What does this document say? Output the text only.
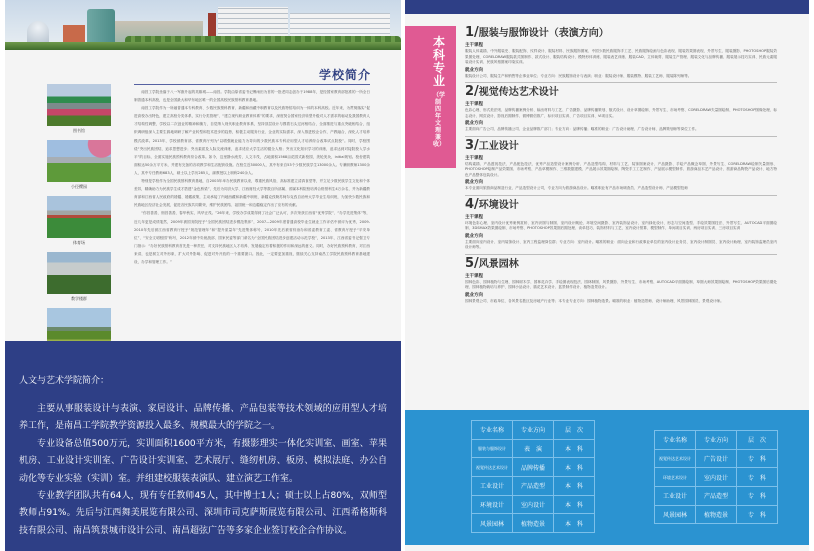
学校简介
图书馆
小径樱园
体育场
教学楼群

南昌工学院坐落于八一军旗升起的英雄城——南昌。学院由原省委书记傅雨田为首的一批老同志创办于1988年，是经国家教育部批准的一所全日制普通本科高校，也是全国最大和华东地区唯一的全国高校民族预科教育基地。

南昌工学院作为一所融普通本专科教育、少数民族预科教育、新疆和西藏中职教育以及民族特招培训为一体的本科高校。近年来，为贯彻落实“促进高校办出特色，建立高校分类体系，实行分类管理”、“建立现代职业教育体系”的要求，深度契合国家经济转型升级对人才需求的驱动及我国教育人才结构性调整，学校以二次创业的精神和魄力，自觉纳入现代职业教育体系，坚持顶层设计与摸着石头过河相结合，全面推进与重点突破相结合，组织调研组深入主要生源地调研了解产业转型和技术进步的趋势，积极主动服务行业、企业的实际需求，深入推进校企合作，产教融合，深化人才培养模式改革。2013年，学校被教育部、省教育厅列为“以增强就业能力为导向的少数民族本专科应用型人才培养综合改革试点院校”。同时，学校围绕“突出民族团结，追求思想进步；突出素质及人际交流训练，追求适应大学生活的健全人格；突出文化知识学习的训练，追求达到对接院校入学水平”的目标，全面实施民族预科教育综合改革。如今，这里静水流芳，人文丰茂，占地面积1568亩花园式新校园，美轮美奂，initial规划。校舍建筑面积达50余万平方米，并建有完备的各项教学和生活配套设施。在校生近30000人，其中有来自53个少数民族学生13000余人。专兼职教师1300余人，其中专任教师683人，硕士以上学历285人，副教授以上职称240余人。

特别是学校作为全国民族预科教育基地，自2003年举办民族教育以来，尊重民族风俗，高标准建立清真食堂等，并立足少数民族学生文化和个体差异，精确助力为民族学生成才搭建“金色桥梁”，先后为同济大学、江西财经大学等数百所部属、省属本科院校培养合格预科生4万余名，并为新疆教育部和江西省人民政府的援疆、援藏政策，主动承接了内地西藏和新疆中职班、新疆克孜勒苏柯尔克孜自治州大学毕业生培训班，为加快少数民族和民族地区经济社会发展，促进各民族共同繁荣，维护民族团结、祖国统一和边疆稳定作出了应有的贡献。

“你昌善善，细昌善善，春华秋实，风华正茂。”26年来，学校办学成果得到了社会广泛认可，多次荣获江西省“优秀学院”、“办学先进集体”等，近几年更是成绩斐然，2009年被国务院授予“全国民族团结进步模范集体”，2007—2009年度普通高校毕业生就业工作评估中被评为优秀，2009-2010年先后被江西省教育厅授予“规范管理年”和“提升质量年”先进集体称号，2010年先后被省综治办和省委教育工委、省教育厅授予“平安单位”、“安全文明校园”称号，2012年被中央统战部、国家民委等部门命名为“全国民族团结进步创建活动示范学校”，2013年，江西省委书记强卫专门指示：“办好民族预科教育首先是一种责任，对支持民族地区人才培养、发展稳定有着积极的作用和深远的意义。同时，办好民族预科教育，对江西来讲，也是树立对外形象、扩大对外影响、促进对外开放的一个重要窗口。因此，一定要更加重视，继续关心支持南昌工学院民族预科教育基地建设，办学和管理工作。”

人文与艺术学院简介：

主要从事服装设计与表演、家居设计、品牌传播、产品包装等技术领域的应用型人才培养工作，是南昌工学院教学资源投入最多、规模最大的学院之一。

专业设备总值500万元，实训面积1600平方米，有摄影理实一体化实训室、画室、苹果机房、工业设计实训室、广告设计实训室、艺术展厅、缝纫机房、板房、模拟法庭、办公自动化等专业实验（实训）室。并组建校服装表演队、建立演艺工作室。

专业教学团队共有64人，现有专任教师45人，其中博士1人；硕士以上占80%，双师型教师占91%。先后与江西舞美展览有限公司、深圳市司克萨斯展览有限公司、江西希格斯科技有限公司、南昌筑景城市设计公司、南昌超弦广告等多家企业签订校企合作协议。

本科专业
（学制四年 文理兼收）
1/服装与服饰设计（表演方向）
主干课程
服装人体素描、中外服装史、服装配饰、纹样设计、服装材料、民族服饰图案、中国少数民族服饰手工艺、民族服饰绘画与色彩表现、服装效果图表现、外景写生、服装摄影、PHOTOSHOP服装效果图处理、CORELDRAW服装款式图制作、款式设计、服装结构设计、模特形体训练、服装表艺训练、服装CAD、立体裁剪、服装生产管理、服装文化与品牌传播、服装展示技巧实训、民族元素服装设计实训、民族风格图案印染实训。
就业方向
服装设计公司、服装生产和销售等企事业单位；专业方向：民族服饰设计与表演；职业：服装设计师、服装模特、服装工艺师、服装陈列师等。
2/视觉传达艺术设计
主干课程
色彩心理、形式美法则、品牌传播案例分析、输出材料与工艺、广告摄影、品牌传播策划、版式设计、设计草图绘制、外景写生、市场考察、CORELDRAW矢量图绘制、PHOTOSHOP图像处理、标志设计、网页设计、影视后期制作、微博微信推广、标识项目实训、广告项目实训、VI项目实。
就业方向
主要面向广告公司、品牌传播公司、企业品牌推广部门；专业方向：品牌传播；瞄准的职业：广告设计助理、广告设计师、品牌策划师等岗位工作。
3/工业设计
主干课程
结构素描、产品透视技法、产品配色技法、优秀产品造型设计案例分析、产品造型结构、材料与工艺、装饰图案设计、产品摄影、手绘产品概念草图、外景写生、CORELDRAW绘制矢量图形、PHOTOSHOP绘制产品效果图、市场考察、产品草模制作、三维数据建模、产品展示效果图绘制、陶瓷手工工艺制作、产品展示模型制作、旅游商品木艺产品设计、旅游商品陶瓷产品设计、地方特色产品整体包装设计。
就业方向
本专业面向旅游商品制造行业、产品造型设计公司，专业方向为旅游商品设计。瞄准职业有产品市场调查员、产品造型设计师、产品模型技师
4/环境设计
主干课程
环境色彩心理、室内设计优秀案例赏析、室内识图与制图、室内设计概论、环境空间摄影、室内装饰品设计、室内绿化设计、形态与空间造型、手绘效果图技法、外景写生、AUTOCAD平面图绘制、3DSMAX效果图绘制、市场考察、PHOTOSHOP效果图后期处理、谈单技巧、装饰材料与工艺、室内设计预算、模型制作、单间项目实训、两房项目实训、三房项目实训
就业方向
主要面向室内设计、室内装饰设计、室内工程监理岗位群；专业方向：室内设计。瞄准的职业：面向企业和行政事业单位的室内设计业务员、室内设计制图员、室内设计助理、室内装饰监理员室内设计师等。
5/风景园林
主干课程
园林色彩、园林植物与生理、园林树木学、园林花卉学、手绘图表现技法、园林制图、风景摄影、外景写生、市场考察、AUTOCAD平面图绘制、草图大师效果图绘制、PHOTOSHOP效果图后期处理、园林植物栽培与养护、园林小品设计、插花艺术设计、盆景制作设计、植物造景设计。
就业方向
园林景观公司、市政单位、各风景名胜区及房地产行业等；本专业专业方向：园林植物造景。瞄准的职业：植物造景师、设计师助理、风景园林图员、景观设计师。
专业名称	专业方向	层　次
服装与服饰设计	表　演	本　科
视觉传达艺术设计	品牌传播	本　科
工业设计	产品造型	本　科
环境设计	室内设计	本　科
风景园林	植物造景	本　科
专业名称	专业方向	层　次
视觉传达艺术设计	广告设计	专　科
环境艺术设计	室内设计	专　科
工业设计	产品造型	专　科
风景园林	植物造景	专　科
